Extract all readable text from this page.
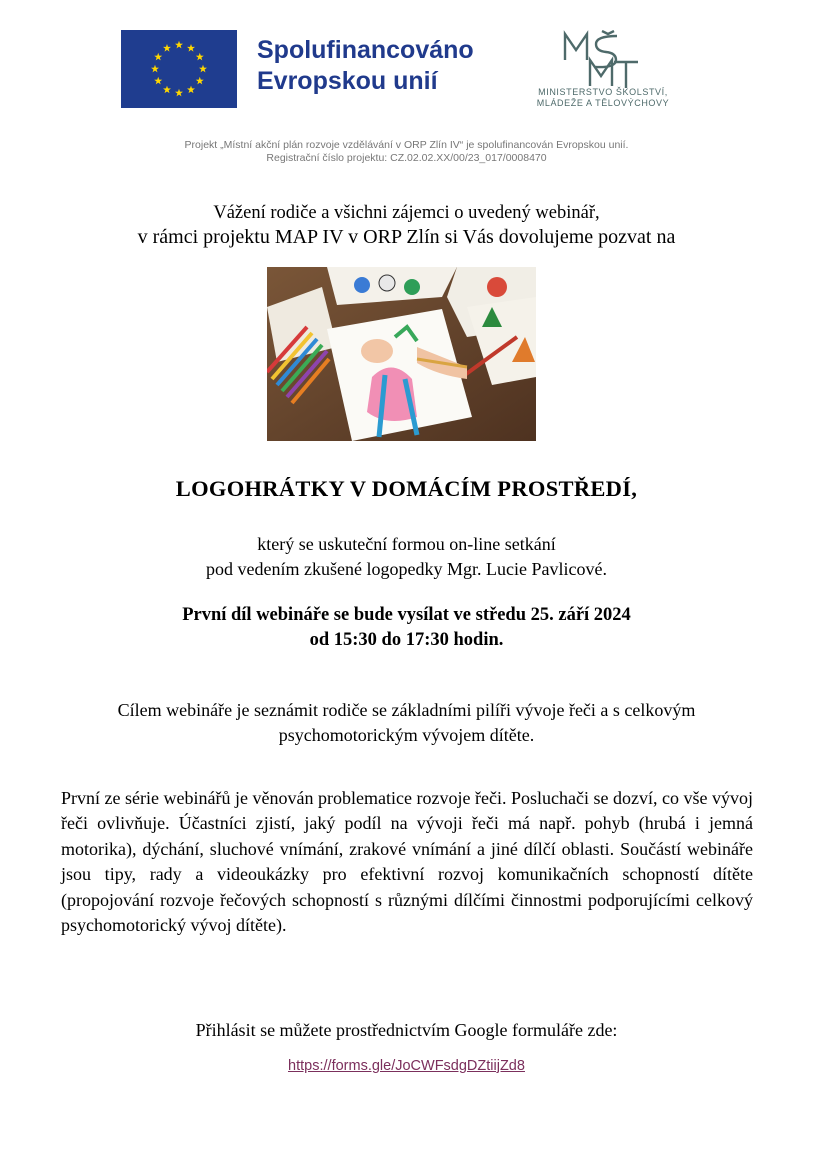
Spolufinancováno
Evropskou unií	MINISTERSTVO ŠKOLSTVÍ,
MLÁDEŽE A TĚLOVÝCHOVY
Projekt „Místní akční plán rozvoje vzdělávání v ORP Zlín IV“ je spolufinancován Evropskou unií.
Registrační číslo projektu: CZ.02.02.XX/00/23_017/0008470
Vážení rodiče a všichni zájemci o uvedený webinář,
v rámci projektu MAP IV v ORP Zlín si Vás dovolujeme pozvat na
LOGOHRÁTKY V DOMÁCÍM PROSTŘEDÍ,
který se uskuteční formou on-line setkání
pod vedením zkušené logopedky Mgr. Lucie Pavlicové.
První díl webináře se bude vysílat ve středu 25. září 2024
od 15:30 do 17:30 hodin.
Cílem webináře je seznámit rodiče se základními pilíři vývoje řeči a s celkovým
psychomotorickým vývojem dítěte.
První ze série webinářů je věnován problematice rozvoje řeči. Posluchači se dozví, co vše vývoj řeči ovlivňuje. Účastníci zjistí, jaký podíl na vývoji řeči má např. pohyb (hrubá i jemná motorika), dýchání, sluchové vnímání, zrakové vnímání a jiné dílčí oblasti. Součástí webináře jsou tipy, rady a videoukázky pro efektivní rozvoj komunikačních schopností dítěte (propojování rozvoje řečových schopností s různými dílčími činnostmi podporujícími celkový psychomotorický vývoj dítěte).
Přihlásit se můžete prostřednictvím Google formuláře zde:
https://forms.gle/JoCWFsdgDZtiijZd8
